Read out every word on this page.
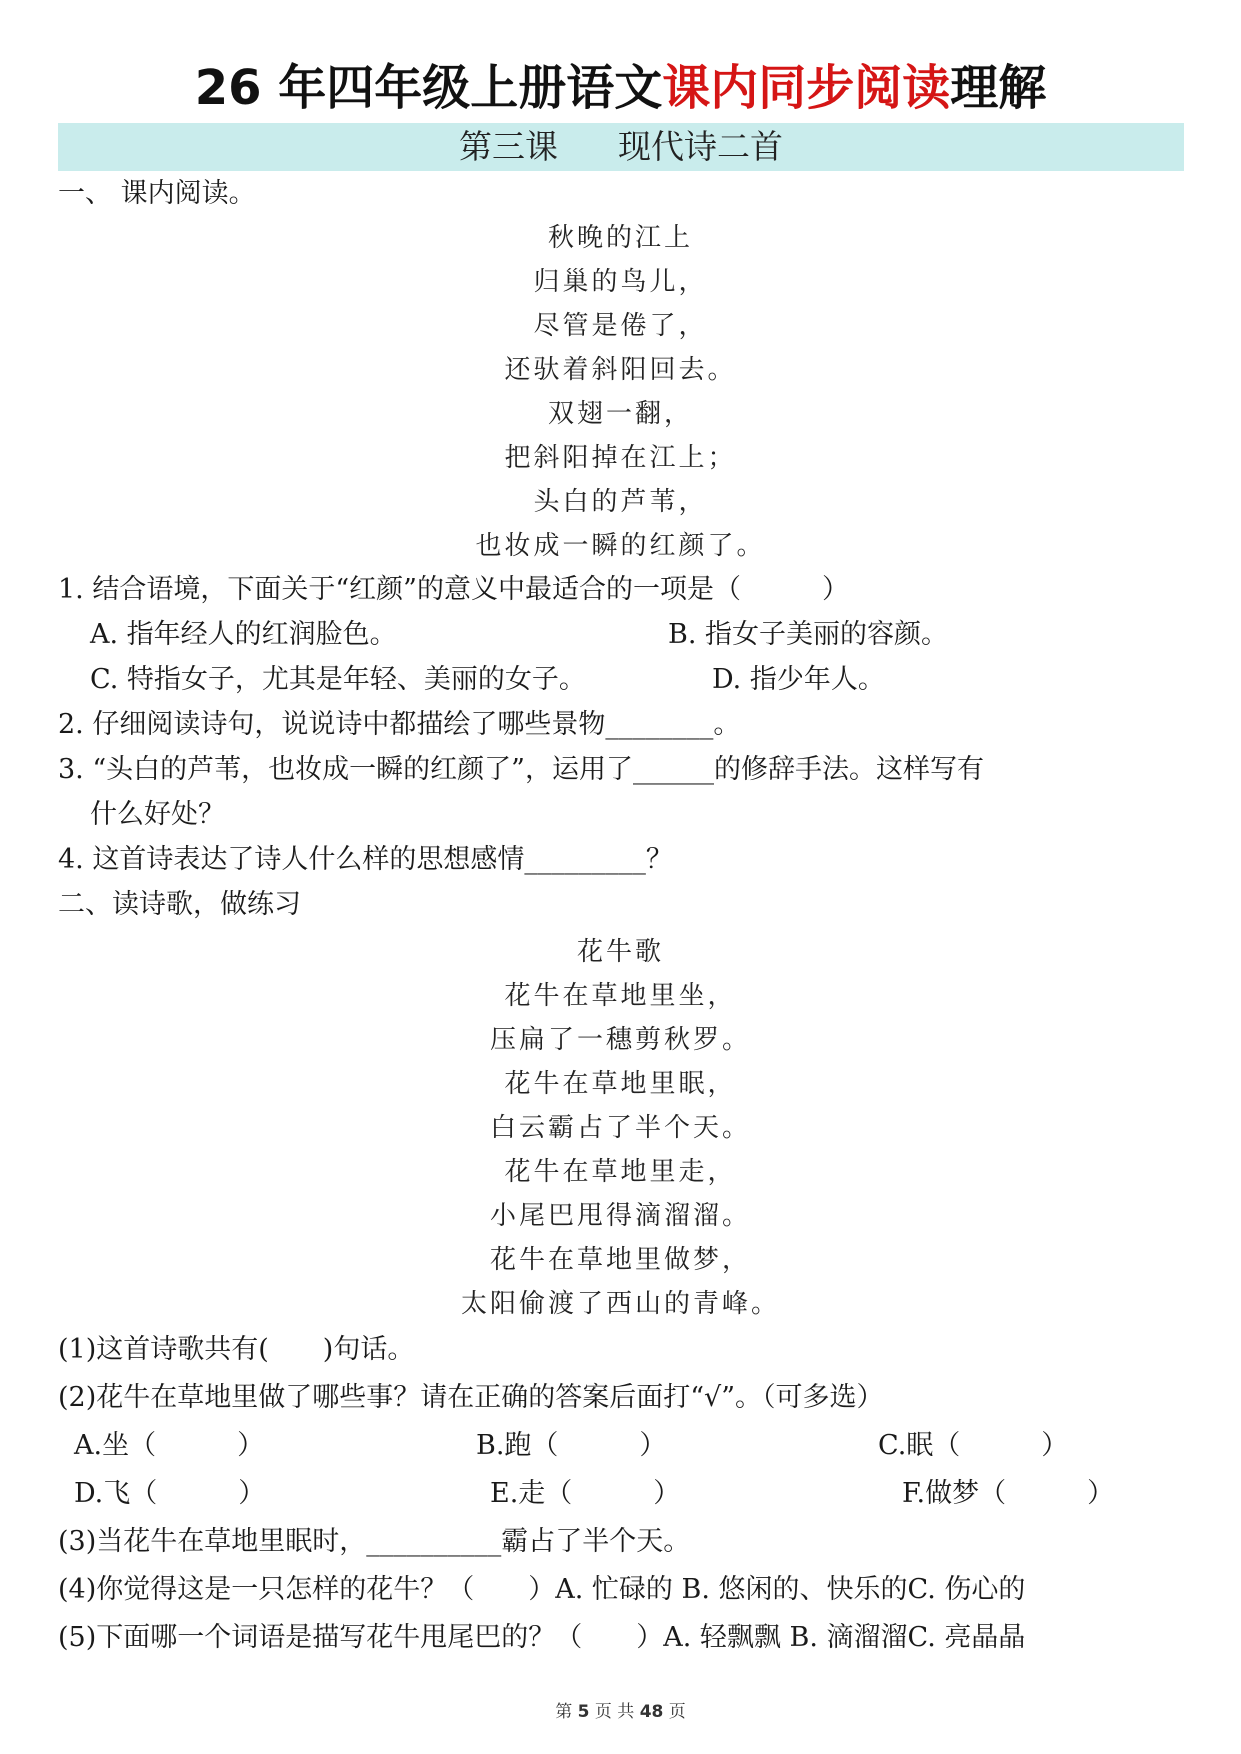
26 年四年级上册语文课内同步阅读理解
第三课 现代诗二首
一、 课内阅读。
秋晚的江上
归巢的鸟儿，
尽管是倦了，
还驮着斜阳回去。
双翅一翻，
把斜阳掉在江上；
头白的芦苇，
也妆成一瞬的红颜了。
1. 结合语境，下面关于“红颜”的意义中最适合的一项是（　　　）
A. 指年经人的红润脸色。	B. 指女子美丽的容颜。
C. 特指女子，尤其是年轻、美丽的女子。	D. 指少年人。
2. 仔细阅读诗句，说说诗中都描绘了哪些景物________。
3. “头白的芦苇，也妆成一瞬的红颜了”，运用了______的修辞手法。这样写有
什么好处？
4. 这首诗表达了诗人什么样的思想感情_________？
二、读诗歌，做练习
花牛歌
花牛在草地里坐，
压扁了一穗剪秋罗。
花牛在草地里眠，
白云霸占了半个天。
花牛在草地里走，
小尾巴甩得滴溜溜。
花牛在草地里做梦，
太阳偷渡了西山的青峰。
(1)这首诗歌共有(　　)句话。
(2)花牛在草地里做了哪些事？请在正确的答案后面打“√”。（可多选）
A.坐（　　　）	B.跑（　　　）	C.眠（　　　）
D.飞（　　　）	E.走（　　　）	F.做梦（　　　）
(3)当花牛在草地里眠时，__________霸占了半个天。
(4)你觉得这是一只怎样的花牛？（　　）A. 忙碌的 B. 悠闲的、快乐的C. 伤心的
(5)下面哪一个词语是描写花牛甩尾巴的？（　　）A. 轻飘飘 B. 滴溜溜C. 亮晶晶
第 5 页 共 48 页
